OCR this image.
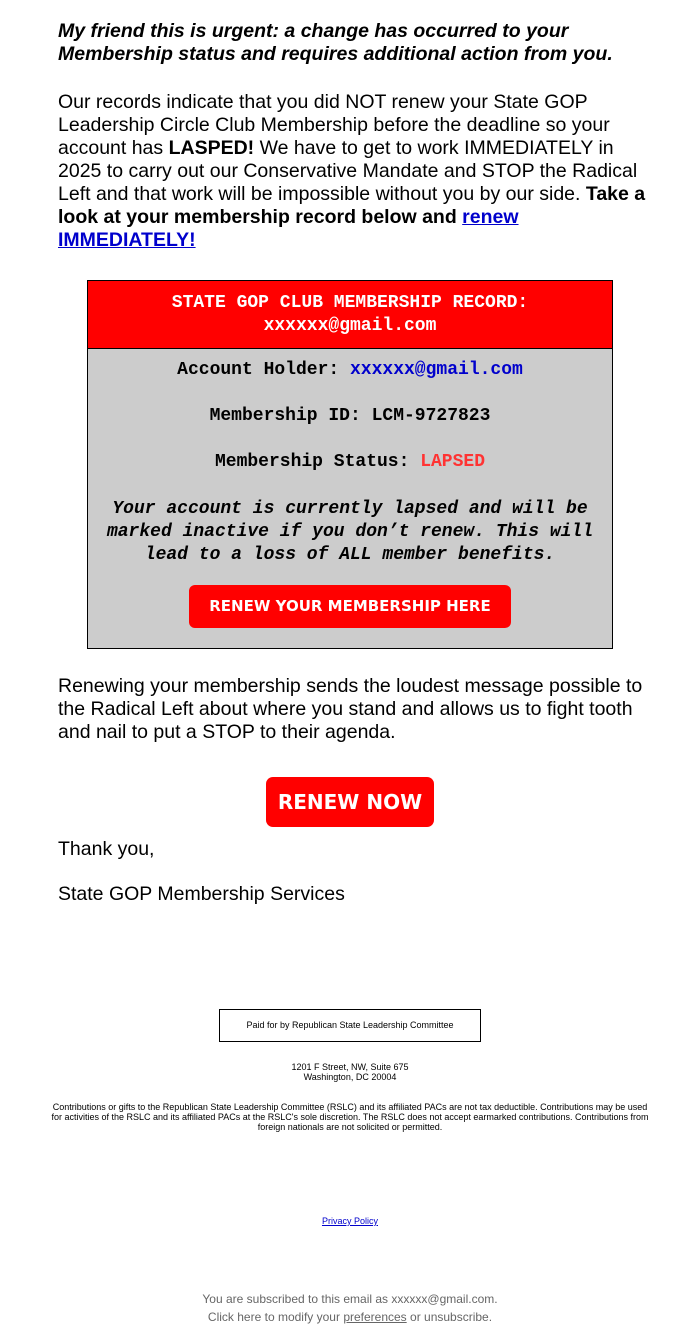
My friend this is urgent: a change has occurred to your Membership status and requires additional action from you.

Our records indicate that you did NOT renew your State GOP Leadership Circle Club Membership before the deadline so your account has LASPED! We have to get to work IMMEDIATELY in 2025 to carry out our Conservative Mandate and STOP the Radical Left and that work will be impossible without you by our side. Take a look at your membership record below and renew IMMEDIATELY!

STATE GOP CLUB MEMBERSHIP RECORD:
xxxxxx@gmail.com
Account Holder: xxxxxx@gmail.com
Membership ID: LCM-9727823
Membership Status: LAPSED
Your account is currently lapsed and will be marked inactive if you don’t renew. This will lead to a loss of ALL member benefits.
RENEW YOUR MEMBERSHIP HERE

Renewing your membership sends the loudest message possible to the Radical Left about where you stand and allows us to fight tooth and nail to put a STOP to their agenda.

RENEW NOW
Thank you,
State GOP Membership Services
Paid for by Republican State Leadership Committee
1201 F Street, NW, Suite 675
Washington, DC 20004
Contributions or gifts to the Republican State Leadership Committee (RSLC) and its affiliated PACs are not tax deductible. Contributions may be used for activities of the RSLC and its affiliated PACs at the RSLC's sole discretion. The RSLC does not accept earmarked contributions. Contributions from foreign nationals are not solicited or permitted.
Privacy Policy
You are subscribed to this email as xxxxxx@gmail.com.
Click here to modify your preferences or unsubscribe.
